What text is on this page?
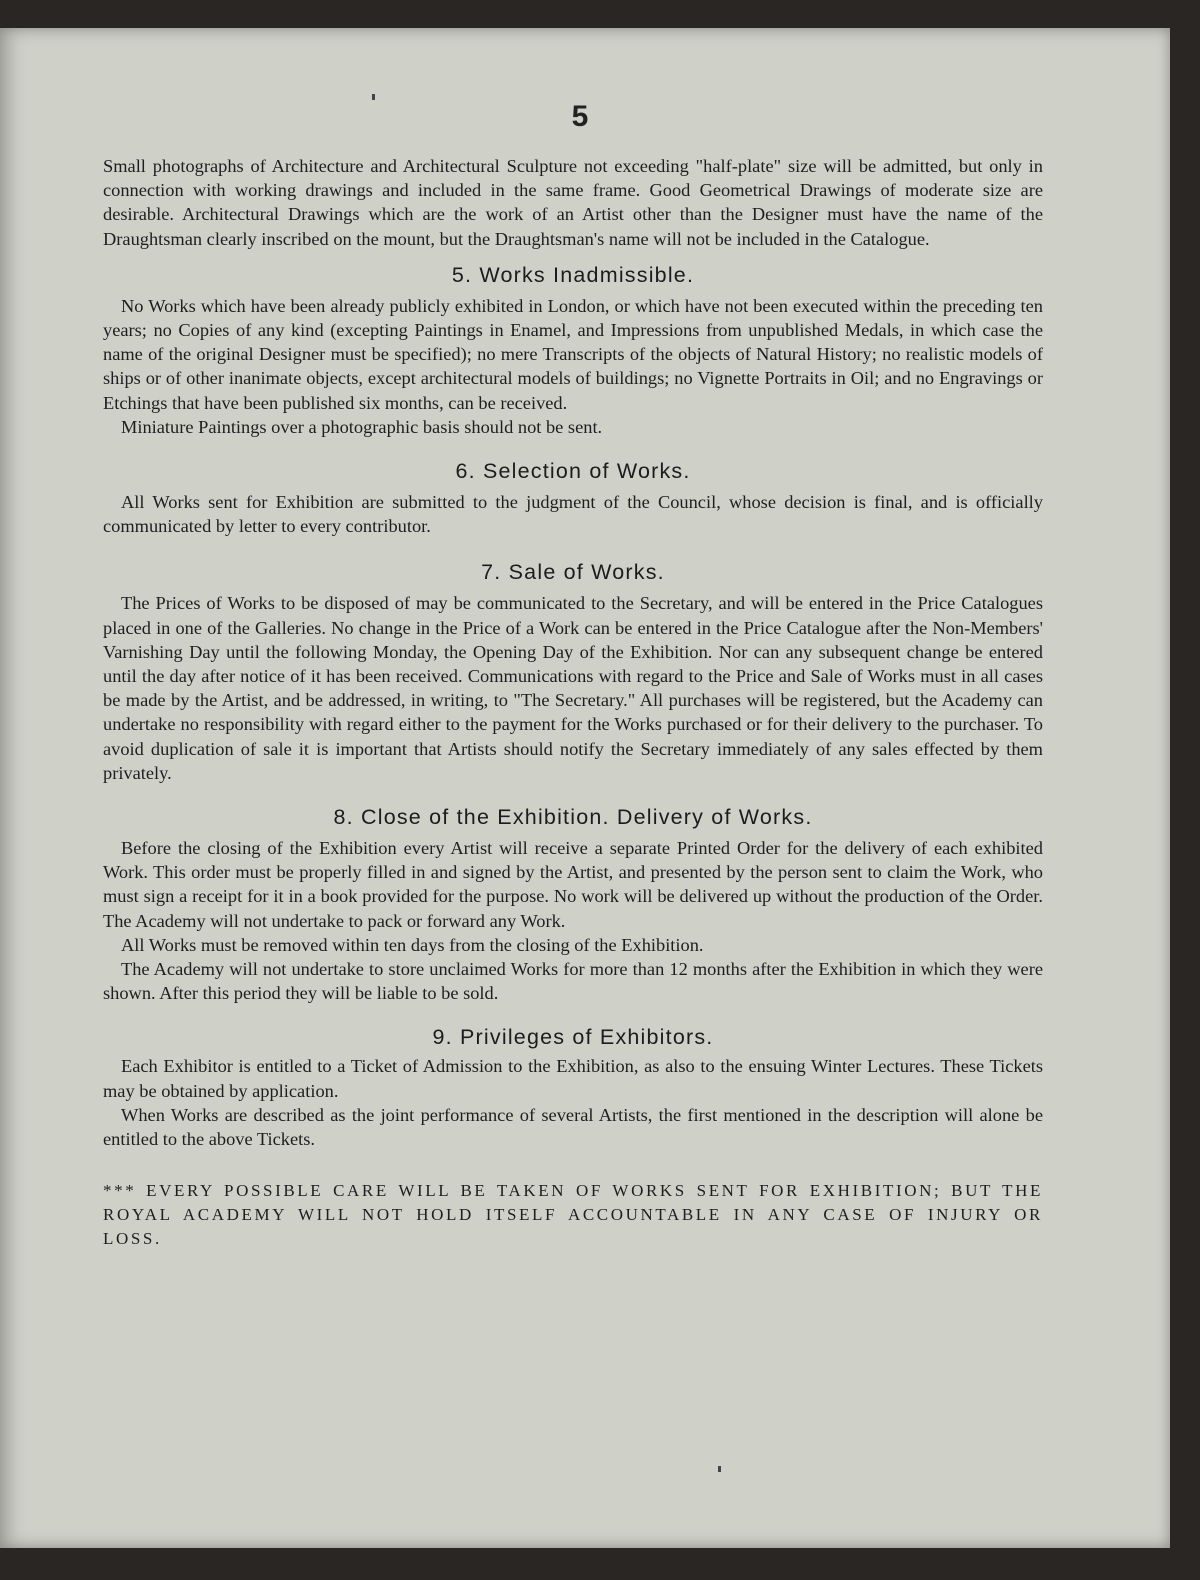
5

Small photographs of Architecture and Architectural Sculpture not exceeding "half-plate" size will be admitted, but only in connection with working drawings and included in the same frame. Good Geometrical Drawings of moderate size are desirable. Architectural Drawings which are the work of an Artist other than the Designer must have the name of the Draughtsman clearly inscribed on the mount, but the Draughtsman's name will not be included in the Catalogue.

5. Works Inadmissible.

No Works which have been already publicly exhibited in London, or which have not been executed within the preceding ten years; no Copies of any kind (excepting Paintings in Enamel, and Impressions from unpublished Medals, in which case the name of the original Designer must be specified); no mere Transcripts of the objects of Natural History; no realistic models of ships or of other inanimate objects, except architectural models of buildings; no Vignette Portraits in Oil; and no Engravings or Etchings that have been published six months, can be received.

Miniature Paintings over a photographic basis should not be sent.

6. Selection of Works.

All Works sent for Exhibition are submitted to the judgment of the Council, whose decision is final, and is officially communicated by letter to every contributor.

7. Sale of Works.

The Prices of Works to be disposed of may be communicated to the Secretary, and will be entered in the Price Catalogues placed in one of the Galleries. No change in the Price of a Work can be entered in the Price Catalogue after the Non-Members' Varnishing Day until the following Monday, the Opening Day of the Exhibition. Nor can any subsequent change be entered until the day after notice of it has been received. Communications with regard to the Price and Sale of Works must in all cases be made by the Artist, and be addressed, in writing, to "The Secretary." All purchases will be registered, but the Academy can undertake no responsibility with regard either to the payment for the Works purchased or for their delivery to the purchaser. To avoid duplication of sale it is important that Artists should notify the Secretary immediately of any sales effected by them privately.

8. Close of the Exhibition. Delivery of Works.

Before the closing of the Exhibition every Artist will receive a separate Printed Order for the delivery of each exhibited Work. This order must be properly filled in and signed by the Artist, and presented by the person sent to claim the Work, who must sign a receipt for it in a book provided for the purpose. No work will be delivered up without the production of the Order. The Academy will not undertake to pack or forward any Work.

All Works must be removed within ten days from the closing of the Exhibition.

The Academy will not undertake to store unclaimed Works for more than 12 months after the Exhibition in which they were shown. After this period they will be liable to be sold.

9. Privileges of Exhibitors.

Each Exhibitor is entitled to a Ticket of Admission to the Exhibition, as also to the ensuing Winter Lectures. These Tickets may be obtained by application.

When Works are described as the joint performance of several Artists, the first mentioned in the description will alone be entitled to the above Tickets.

*** EVERY POSSIBLE CARE WILL BE TAKEN OF WORKS SENT FOR EXHIBITION; BUT THE ROYAL ACADEMY WILL NOT HOLD ITSELF ACCOUNTABLE IN ANY CASE OF INJURY OR LOSS.
